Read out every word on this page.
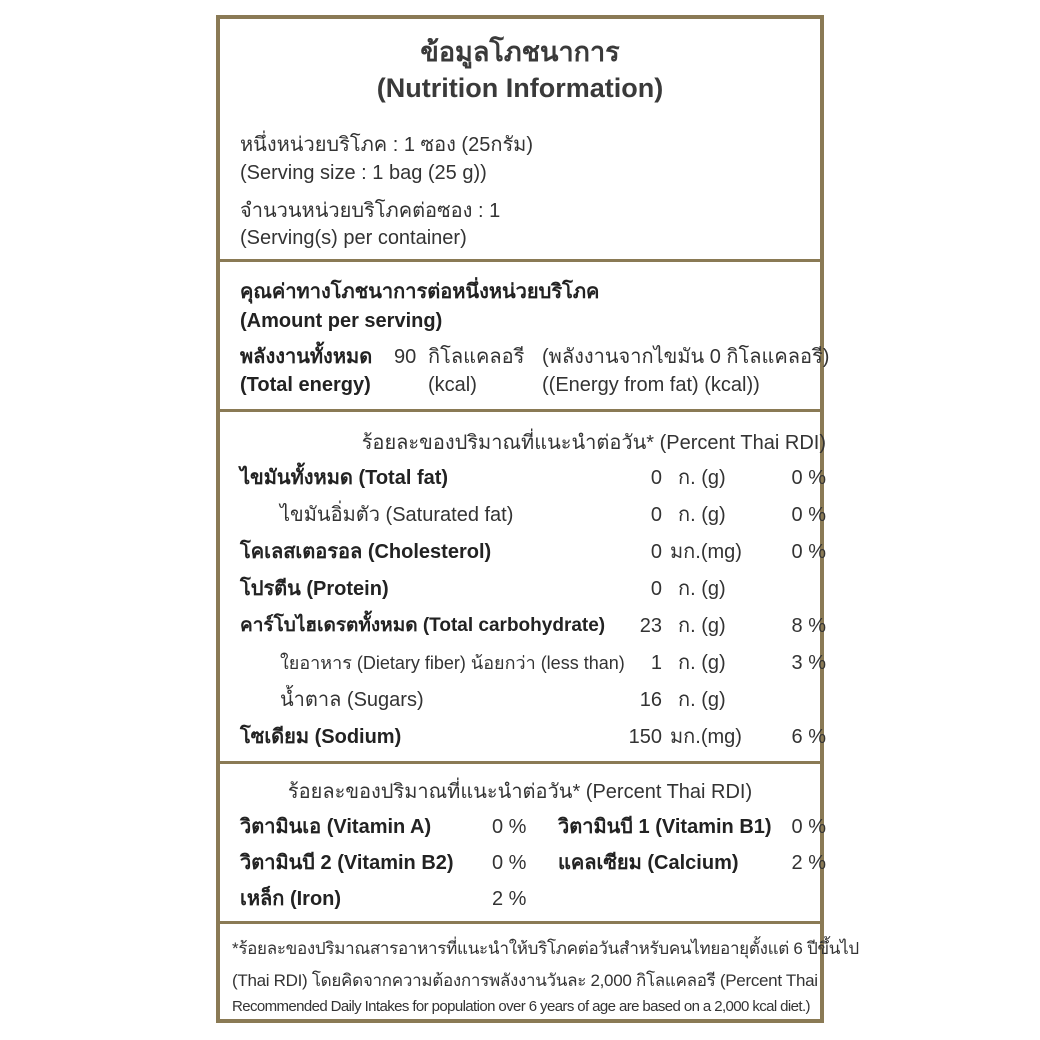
ข้อมูลโภชนาการ
(Nutrition Information)
หนึ่งหน่วยบริโภค : 1 ซอง (25กรัม)
(Serving size : 1 bag (25 g))
จำนวนหน่วยบริโภคต่อซอง : 1
(Serving(s) per container)
คุณค่าทางโภชนาการต่อหนึ่งหน่วยบริโภค
(Amount per serving)
พลังงานทั้งหมด 90 กิโลแคลอรี (พลังงานจากไขมัน 0 กิโลแคลอรี)
(Total energy)	(kcal)	((Energy from fat) (kcal))
ร้อยละของปริมาณที่แนะนำต่อวัน* (Percent Thai RDI)
ไขมันทั้งหมด (Total fat)	0 ก. (g)	0 %
ไขมันอิ่มตัว (Saturated fat)	0 ก. (g)	0 %
โคเลสเตอรอล (Cholesterol)	0 มก.(mg)	0 %
โปรตีน (Protein)	0 ก. (g)
คาร์โบไฮเดรตทั้งหมด (Total carbohydrate)	23 ก. (g)	8 %
ใยอาหาร (Dietary fiber) น้อยกว่า (less than)	1 ก. (g)	3 %
น้ำตาล (Sugars)	16 ก. (g)
โซเดียม (Sodium)	150 มก.(mg)	6 %
ร้อยละของปริมาณที่แนะนำต่อวัน* (Percent Thai RDI)
วิตามินเอ (Vitamin A)	0 % วิตามินบี 1 (Vitamin B1) 0 %
วิตามินบี 2 (Vitamin B2) 0 % แคลเซียม (Calcium)	2 %
เหล็ก (Iron)	2 %
*ร้อยละของปริมาณสารอาหารที่แนะนำให้บริโภคต่อวันสำหรับคนไทยอายุตั้งแต่ 6 ปีขึ้นไป
(Thai RDI) โดยคิดจากความต้องการพลังงานวันละ 2,000 กิโลแคลอรี (Percent Thai
Recommended Daily Intakes for population over 6 years of age are based on a 2,000 kcal diet.)
